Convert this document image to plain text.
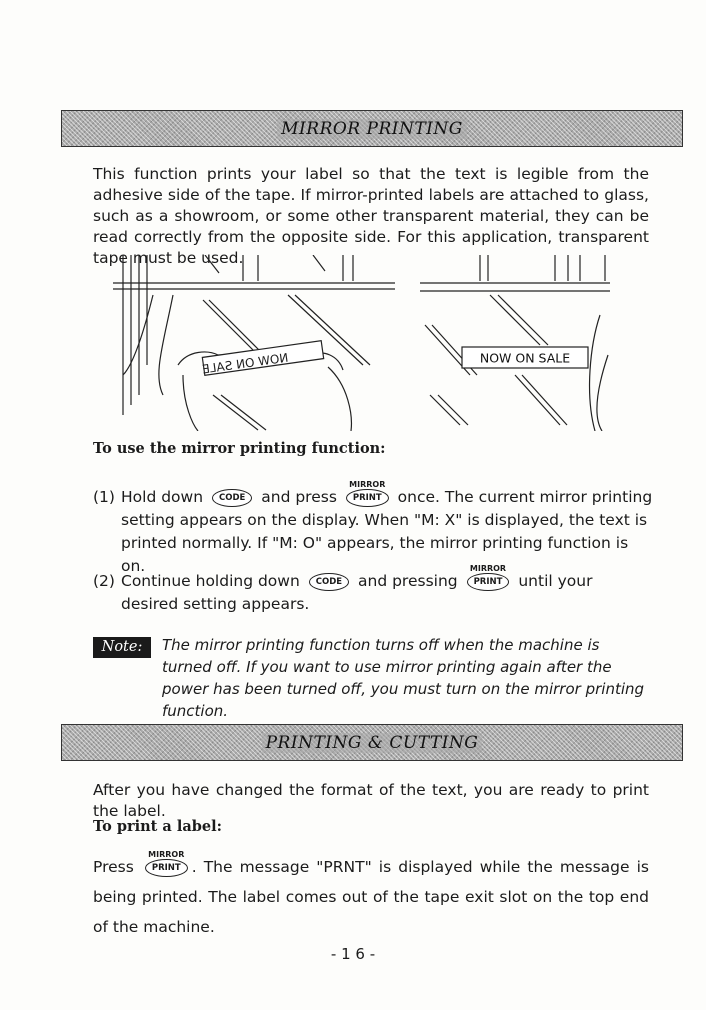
MIRROR PRINTING
This function prints your label so that the text is legible from the adhesive side of the tape. If mirror-printed labels are attached to glass, such as a showroom, or some other transparent material, they can be read correctly from the opposite side. For this application, transparent tape must be used.
NOW ON SALE	NOW ON SALE
To use the mirror printing function:
(1) Hold down CODE and press
MIRROR
PRINT once. The current mirror printing setting appears on the display. When "M: X" is displayed, the text is printed normally. If "M: O" appears, the mirror printing function is on.
(2) Continue holding down CODE and pressing
MIRROR
PRINT until your desired setting appears.
Note:	The mirror printing function turns off when the machine is turned off. If you want to use mirror printing again after the power has been turned off, you must turn on the mirror printing function.
PRINTING & CUTTING
After you have changed the format of the text, you are ready to print the label.
To print a label:
Press
MIRROR
PRINT . The message "PRNT" is displayed while the message is being printed. The label comes out of the tape exit slot on the top end of the machine.
- 1 6 -
